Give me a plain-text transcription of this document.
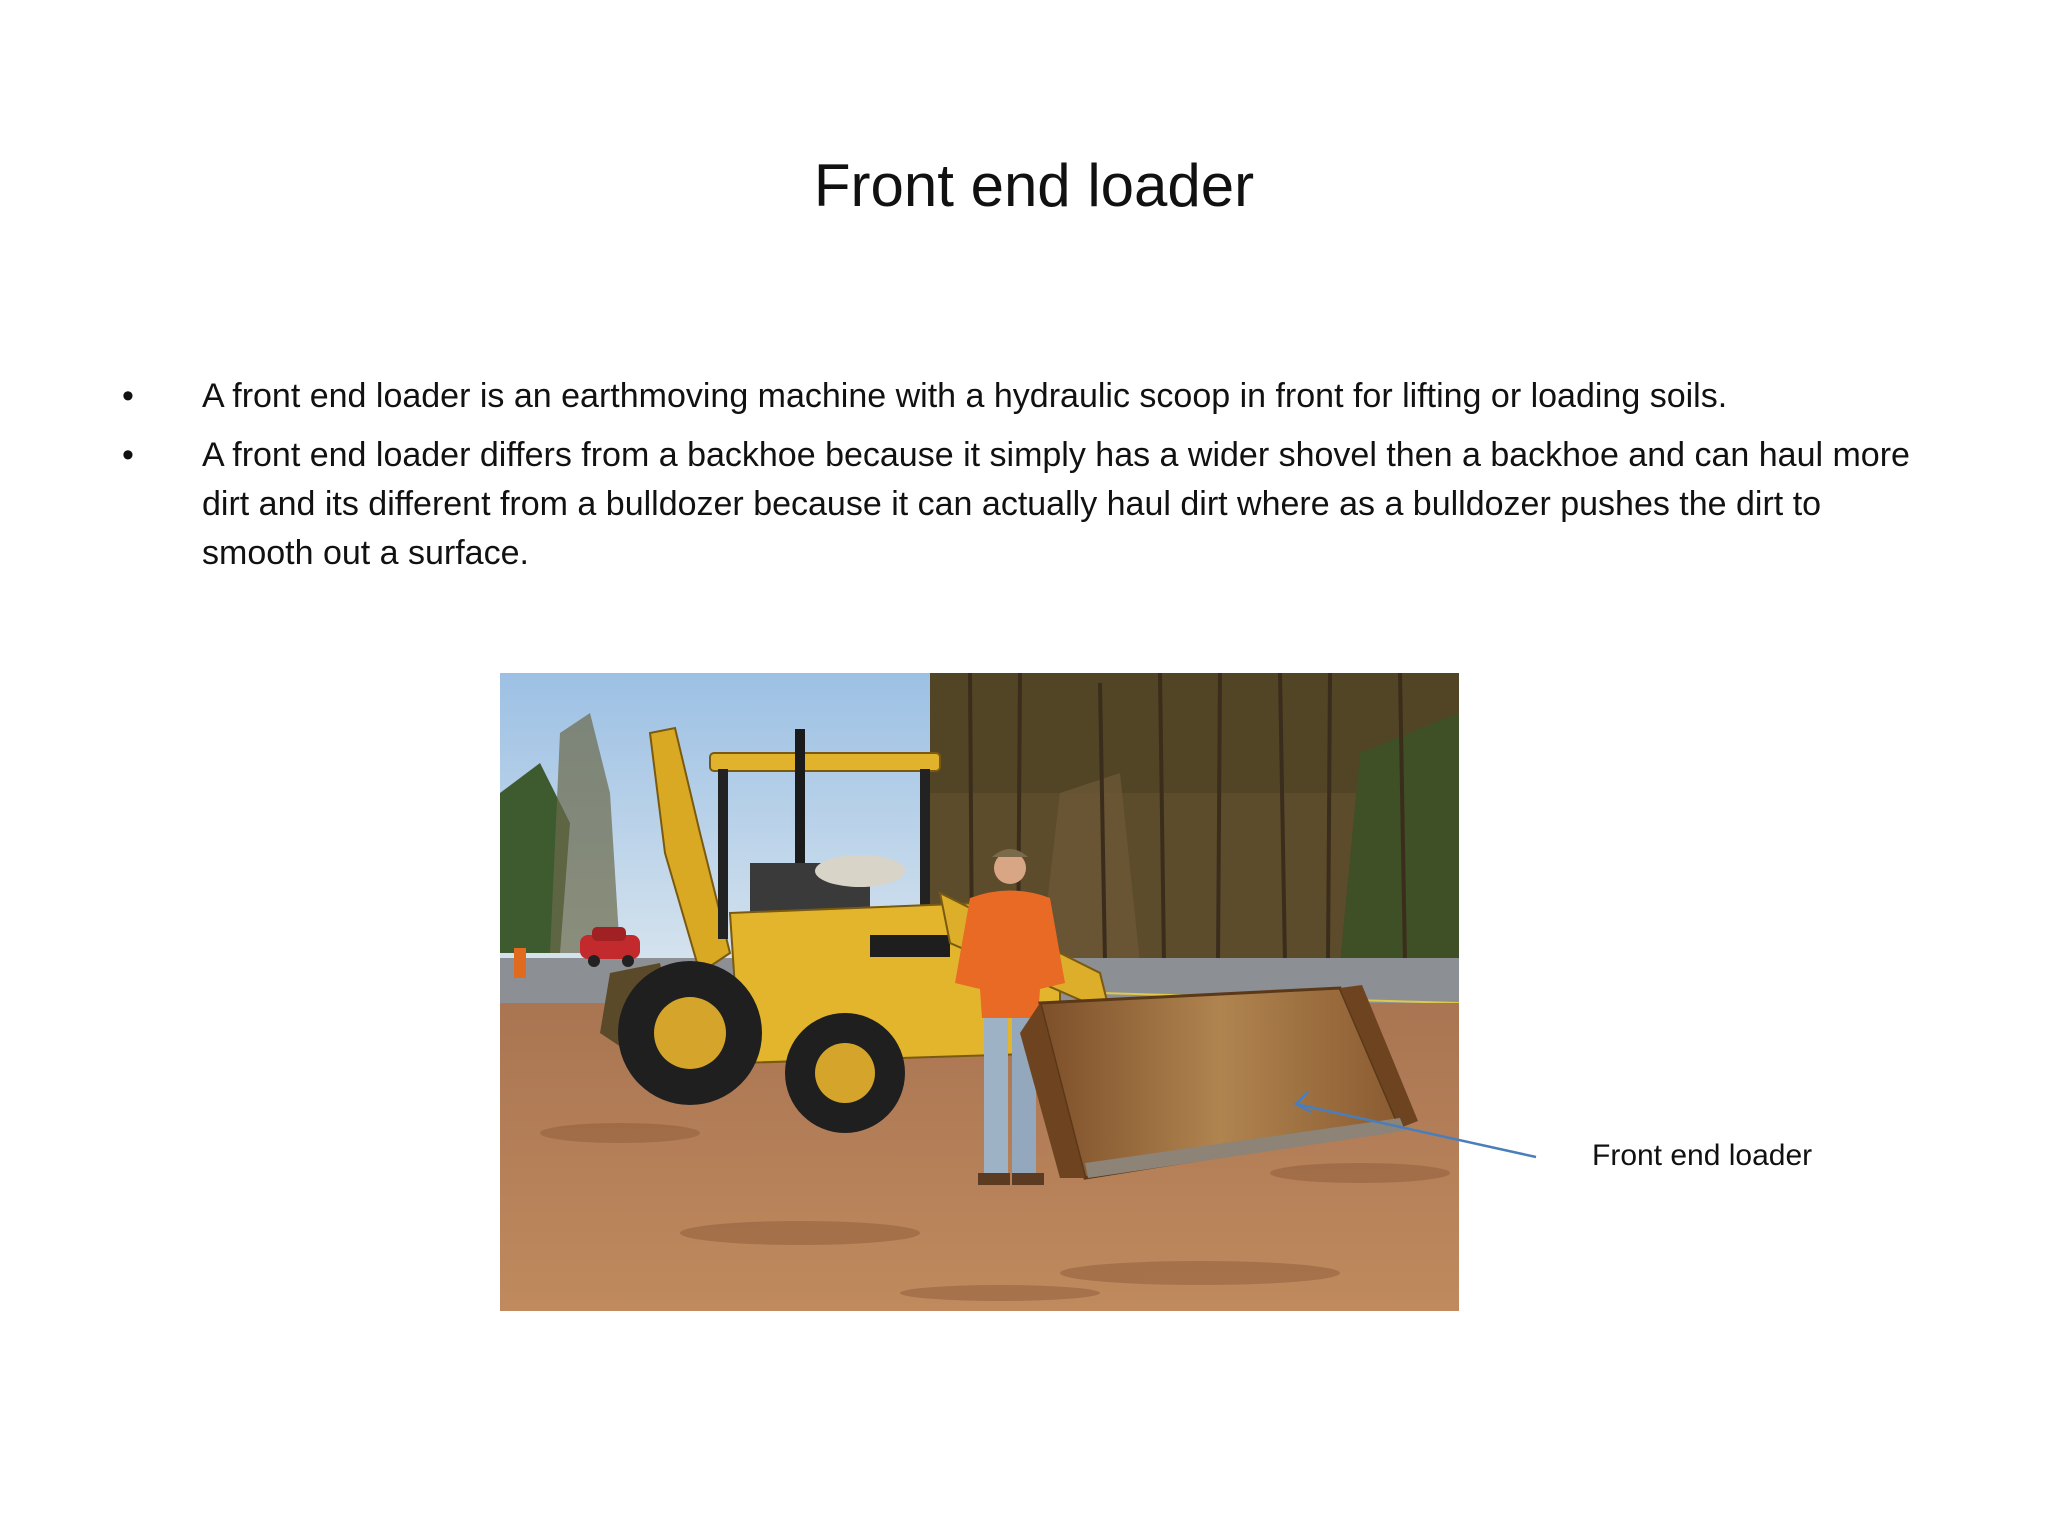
Front end loader
• A front end loader is an earthmoving machine with a hydraulic scoop in front for lifting or loading soils.
• A front end loader differs from a backhoe because it simply has a wider shovel then a backhoe and can haul more dirt and its different from a bulldozer because it can actually haul dirt where as a bulldozer pushes the dirt to smooth out a surface.
Front end loader
